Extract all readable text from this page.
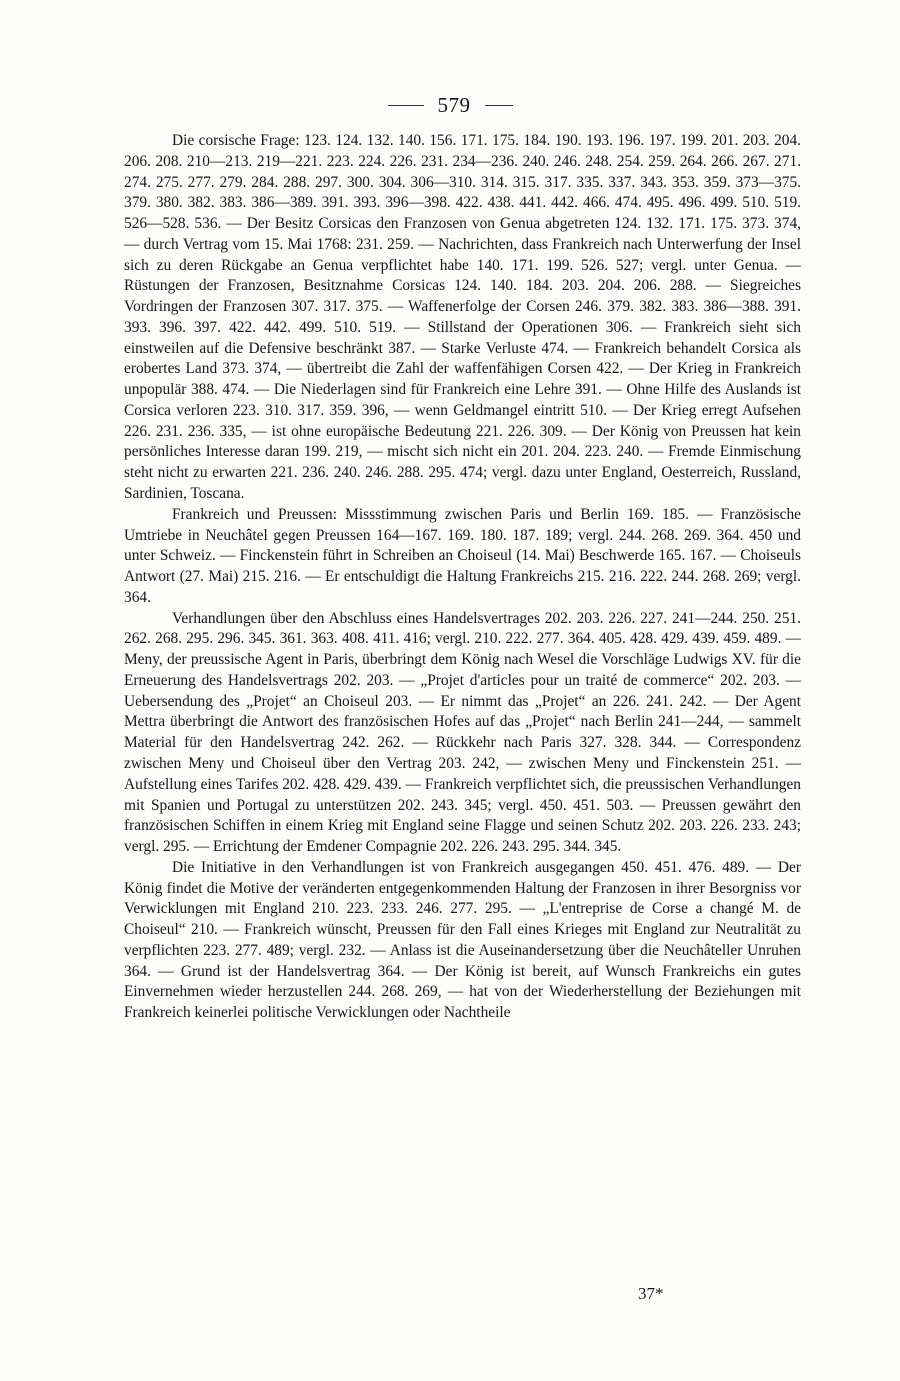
579

Die corsische Frage: 123. 124. 132. 140. 156. 171. 175. 184. 190. 193. 196. 197. 199. 201. 203. 204. 206. 208. 210—213. 219—221. 223. 224. 226. 231. 234—236. 240. 246. 248. 254. 259. 264. 266. 267. 271. 274. 275. 277. 279. 284. 288. 297. 300. 304. 306—310. 314. 315. 317. 335. 337. 343. 353. 359. 373—375. 379. 380. 382. 383. 386—389. 391. 393. 396—398. 422. 438. 441. 442. 466. 474. 495. 496. 499. 510. 519. 526—528. 536. — Der Besitz Corsicas den Franzosen von Genua abgetreten 124. 132. 171. 175. 373. 374, — durch Vertrag vom 15. Mai 1768: 231. 259. — Nachrichten, dass Frankreich nach Unterwerfung der Insel sich zu deren Rückgabe an Genua verpflichtet habe 140. 171. 199. 526. 527; vergl. unter Genua. — Rüstungen der Franzosen, Besitznahme Corsicas 124. 140. 184. 203. 204. 206. 288. — Siegreiches Vordringen der Franzosen 307. 317. 375. — Waffenerfolge der Corsen 246. 379. 382. 383. 386—388. 391. 393. 396. 397. 422. 442. 499. 510. 519. — Stillstand der Operationen 306. — Frankreich sieht sich einstweilen auf die Defensive beschränkt 387. — Starke Verluste 474. — Frankreich behandelt Corsica als erobertes Land 373. 374, — übertreibt die Zahl der waffenfähigen Corsen 422. — Der Krieg in Frankreich unpopulär 388. 474. — Die Niederlagen sind für Frankreich eine Lehre 391. — Ohne Hilfe des Auslands ist Corsica verloren 223. 310. 317. 359. 396, — wenn Geldmangel eintritt 510. — Der Krieg erregt Aufsehen 226. 231. 236. 335, — ist ohne europäische Bedeutung 221. 226. 309. — Der König von Preussen hat kein persönliches Interesse daran 199. 219, — mischt sich nicht ein 201. 204. 223. 240. — Fremde Einmischung steht nicht zu erwarten 221. 236. 240. 246. 288. 295. 474; vergl. dazu unter England, Oesterreich, Russland, Sardinien, Toscana.

Frankreich und Preussen: Missstimmung zwischen Paris und Berlin 169. 185. — Französische Umtriebe in Neuchâtel gegen Preussen 164—167. 169. 180. 187. 189; vergl. 244. 268. 269. 364. 450 und unter Schweiz. — Finckenstein führt in Schreiben an Choiseul (14. Mai) Beschwerde 165. 167. — Choiseuls Antwort (27. Mai) 215. 216. — Er entschuldigt die Haltung Frankreichs 215. 216. 222. 244. 268. 269; vergl. 364.

Verhandlungen über den Abschluss eines Handelsvertrages 202. 203. 226. 227. 241—244. 250. 251. 262. 268. 295. 296. 345. 361. 363. 408. 411. 416; vergl. 210. 222. 277. 364. 405. 428. 429. 439. 459. 489. — Meny, der preussische Agent in Paris, überbringt dem König nach Wesel die Vorschläge Ludwigs XV. für die Erneuerung des Handelsvertrags 202. 203. — „Projet d'articles pour un traité de commerce“ 202. 203. — Uebersendung des „Projet“ an Choiseul 203. — Er nimmt das „Projet“ an 226. 241. 242. — Der Agent Mettra überbringt die Antwort des französischen Hofes auf das „Projet“ nach Berlin 241—244, — sammelt Material für den Handelsvertrag 242. 262. — Rückkehr nach Paris 327. 328. 344. — Correspondenz zwischen Meny und Choiseul über den Vertrag 203. 242, — zwischen Meny und Finckenstein 251. — Aufstellung eines Tarifes 202. 428. 429. 439. — Frankreich verpflichtet sich, die preussischen Verhandlungen mit Spanien und Portugal zu unterstützen 202. 243. 345; vergl. 450. 451. 503. — Preussen gewährt den französischen Schiffen in einem Krieg mit England seine Flagge und seinen Schutz 202. 203. 226. 233. 243; vergl. 295. — Errichtung der Emdener Compagnie 202. 226. 243. 295. 344. 345.

Die Initiative in den Verhandlungen ist von Frankreich ausgegangen 450. 451. 476. 489. — Der König findet die Motive der veränderten entgegenkommenden Haltung der Franzosen in ihrer Besorgniss vor Verwicklungen mit England 210. 223. 233. 246. 277. 295. — „L'entreprise de Corse a changé M. de Choiseul“ 210. — Frankreich wünscht, Preussen für den Fall eines Krieges mit England zur Neutralität zu verpflichten 223. 277. 489; vergl. 232. — Anlass ist die Auseinandersetzung über die Neuchâteller Unruhen 364. — Grund ist der Handelsvertrag 364. — Der König ist bereit, auf Wunsch Frankreichs ein gutes Einvernehmen wieder herzustellen 244. 268. 269, — hat von der Wiederherstellung der Beziehungen mit Frankreich keinerlei politische Verwicklungen oder Nachtheile

37*
